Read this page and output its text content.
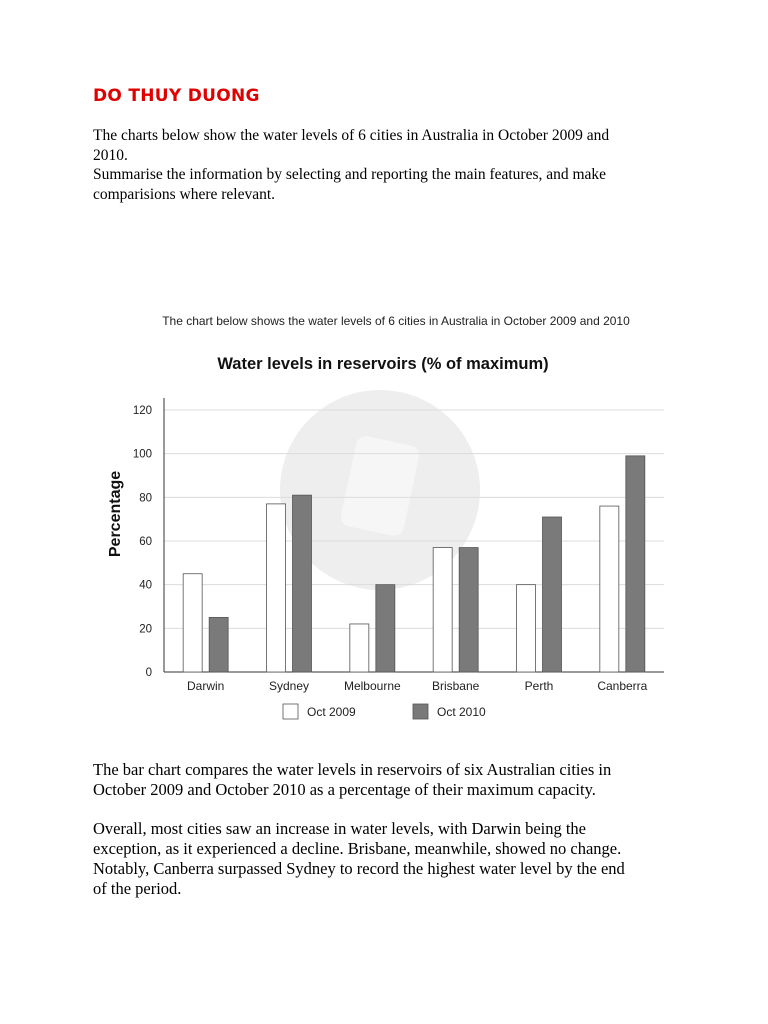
DO THUY DUONG

The charts below show the water levels of 6 cities in Australia in October 2009 and
2010.
Summarise the information by selecting and reporting the main features, and make
comparisions where relevant.

The chart below shows the water levels of 6 cities in Australia in October 2009 and 2010
Water levels in reservoirs (% of maximum)
Percentage
0
20
40
60
80
100
120
Darwin	Sydney	Melbourne	Brisbane	Perth	Canberra
Oct 2009	Oct 2010

The bar chart compares the water levels in reservoirs of six Australian cities in
October 2009 and October 2010 as a percentage of their maximum capacity.

Overall, most cities saw an increase in water levels, with Darwin being the
exception, as it experienced a decline. Brisbane, meanwhile, showed no change.
Notably, Canberra surpassed Sydney to record the highest water level by the end
of the period.
